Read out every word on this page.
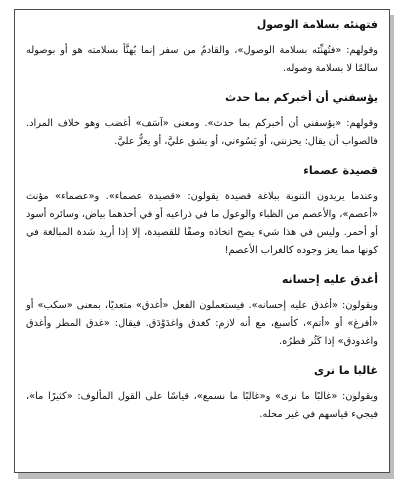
فتهنئه بسلامة الوصول

وقولهم: «فتُهنِّئه بسلامة الوصول»، والقادمُ من سفر إنما يُهنَّأ بسلامته هو أو بوصوله سالمًا لا بسلامة وصوله.

يؤسفني أن أخبركم بما حدث

وقولهم: «يؤسفني أن أخبركم بما حدث». ومعنى «آسَف» أغضب وهو خلاف المراد. فالصواب أن يقال: يحزنني، أو يَسُوءني، أو يشق عليَّ، أو يعزُّ عليَّ.

قصيدة عصماء

وعندما يريدون التنوية ببلاغة قصيدة يقولون: «قصيدة عصماء». و«عصماء» مؤنث «أعصم»، والأعصم من الظباء والوعول ما في ذراعيه أو في أحدهما بياض، وسائره أسود أو أحمر. وليس في هذا شيء يصح اتخاذه وصفًا للقصيدة، إلا إذا أريد شدة المبالغة في كونها مما يعز وجوده كالغراب الأعصم!

أغدق عليه إحسانه

ويقولون: «أغدق عليه إحسانه». فيستعملون الفعل «أغدق» متعديًا، بمعنى «سكب» أو «أفرغ» أو «أتم»، كأسبغ، مع أنه لازم: كغدق واغدَوْدَق. فيقال: «غدق المطر وأغدق واغدودق» إذا كَثُر قطرُه.

غالبا ما نرى

ويقولون: «غالبًا ما نرى» و«غالبًا ما نسمع»، قياسًا على القول المألوف: «كثيرًا ما»، فيجيء قياسهم في غير محله.
